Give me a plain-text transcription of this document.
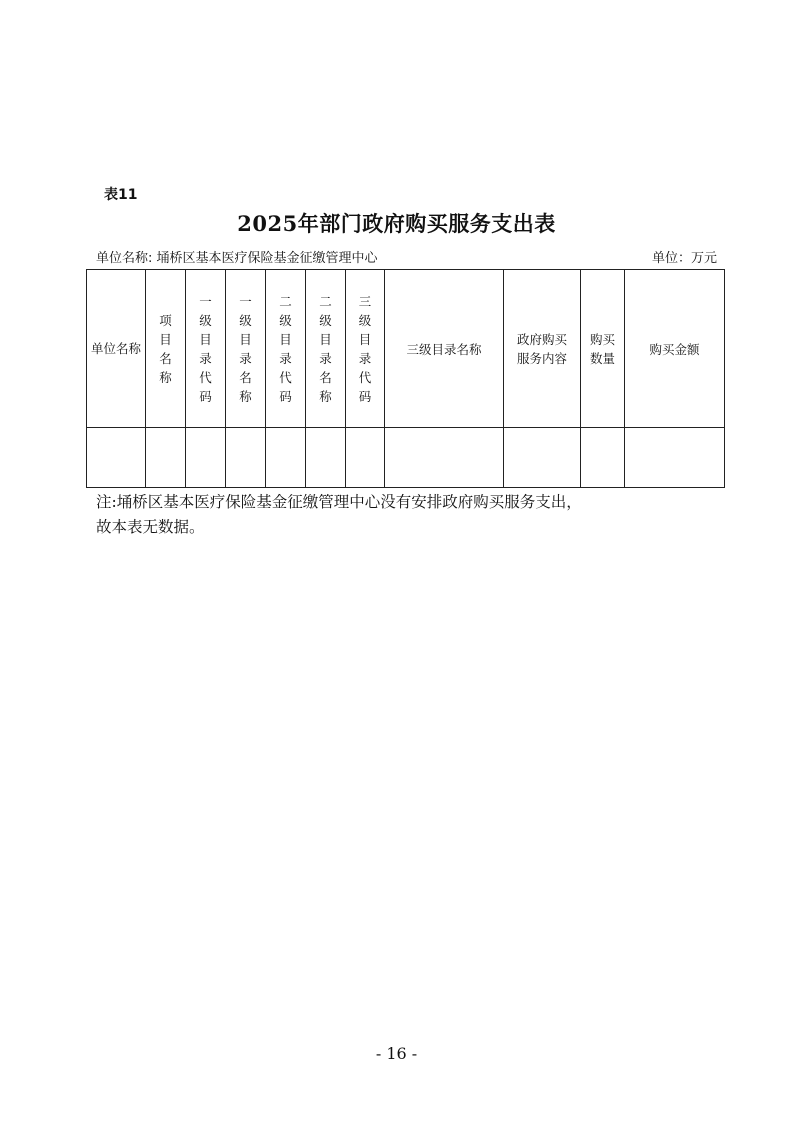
表11
2025年部门政府购买服务支出表
单位名称: 埇桥区基本医疗保险基金征缴管理中心	单位：万元
单位名称	项目名称	一级目录代码	一级目录名称	二级目录代码	二级目录名称	三级目录代码	三级目录名称	政府购买服务内容	购买数量	购买金额

注:埇桥区基本医疗保险基金征缴管理中心没有安排政府购买服务支出，
故本表无数据。
- 16 -
